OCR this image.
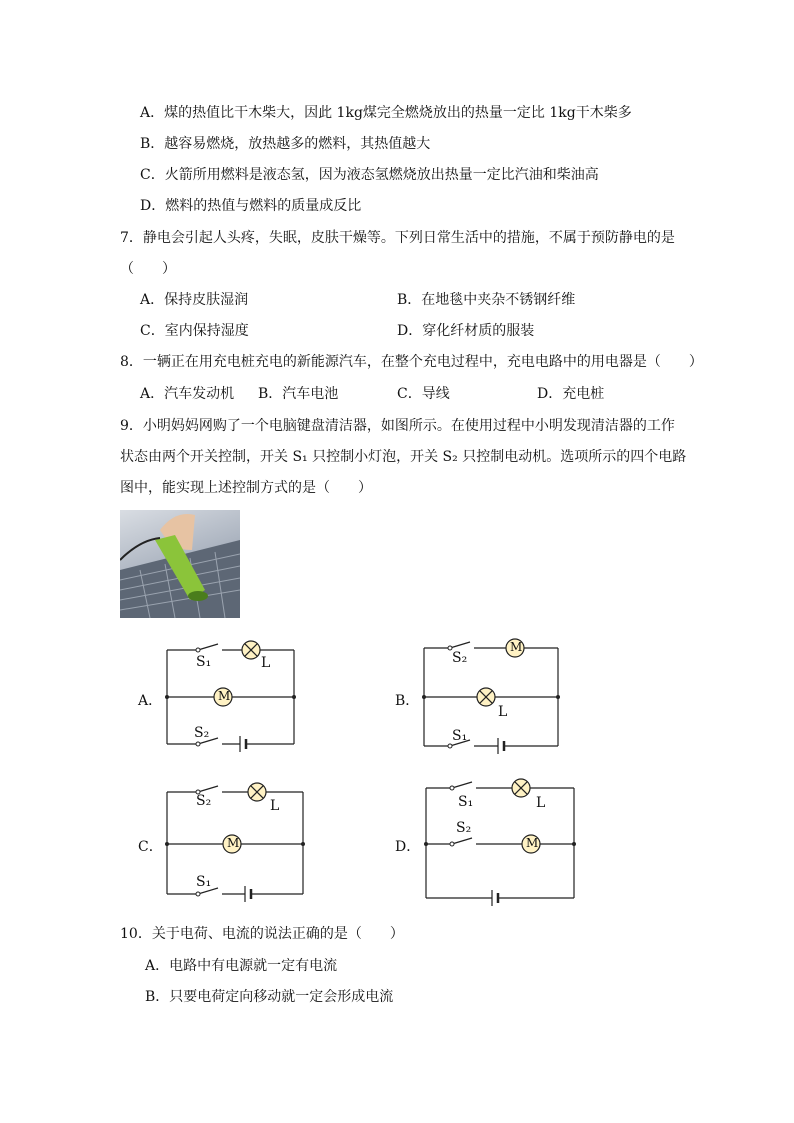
A．煤的热值比干木柴大，因此 1kg煤完全燃烧放出的热量一定比 1kg干木柴多
B．越容易燃烧，放热越多的燃料，其热值越大
C．火箭所用燃料是液态氢，因为液态氢燃烧放出热量一定比汽油和柴油高
D．燃料的热值与燃料的质量成反比
7．静电会引起人头疼，失眠，皮肤干燥等。下列日常生活中的措施，不属于预防静电的是
（　　）
A．保持皮肤湿润	B．在地毯中夹杂不锈钢纤维
C．室内保持湿度	D．穿化纤材质的服装
8．一辆正在用充电桩充电的新能源汽车，在整个充电过程中，充电电路中的用电器是（　　）
A．汽车发动机 B．汽车电池	C．导线	D．充电桩
9．小明妈妈网购了一个电脑键盘清洁器，如图所示。在使用过程中小明发现清洁器的工作
状态由两个开关控制，开关 S₁ 只控制小灯泡，开关 S₂ 只控制电动机。选项所示的四个电路
图中，能实现上述控制方式的是（　　）
M
M
M	M
A．	B．
C．	D．
S₁	L
S₂
S₂
L
S₁
S₂	L
S₁
S₁	L
S₂
10．关于电荷、电流的说法正确的是（　　）
A．电路中有电源就一定有电流
B．只要电荷定向移动就一定会形成电流
